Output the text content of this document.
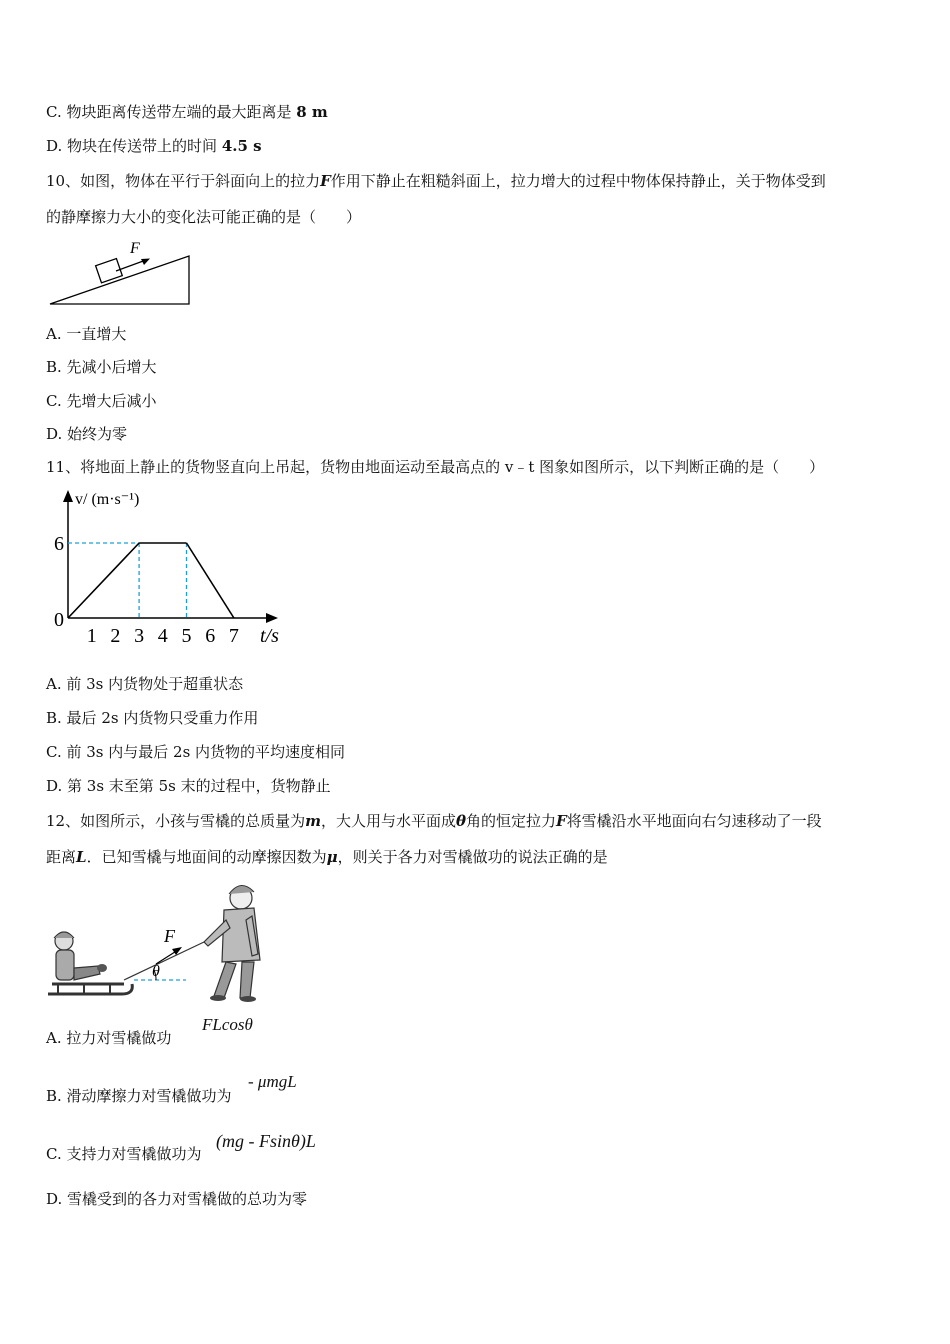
C. 物块距离传送带左端的最大距离是 8 m
D. 物块在传送带上的时间 4.5 s
10、如图，物体在平行于斜面向上的拉力F作用下静止在粗糙斜面上，拉力增大的过程中物体保持静止，关于物体受到
的静摩擦力大小的变化法可能正确的是（　　）
F
A. 一直增大
B. 先减小后增大
C. 先增大后减小
D. 始终为零
11、将地面上静止的货物竖直向上吊起，货物由地面运动至最高点的 v﹣t 图象如图所示，以下判断正确的是（　　）
v/ (m·s⁻¹)
t/s
1 2 3 4 5 6 7
0
6
A. 前 3s 内货物处于超重状态
B. 最后 2s 内货物只受重力作用
C. 前 3s 内与最后 2s 内货物的平均速度相同
D. 第 3s 末至第 5s 末的过程中，货物静止
12、如图所示，小孩与雪橇的总质量为m，大人用与水平面成θ角的恒定拉力F将雪橇沿水平地面向右匀速移动了一段
距离L．已知雪橇与地面间的动摩擦因数为μ，则关于各力对雪橇做功的说法正确的是
F
θ
A. 拉力对雪橇做功
FLcosθ
B. 滑动摩擦力对雪橇做功为
- μmgL
C. 支持力对雪橇做功为
(mg - Fsinθ)L
D. 雪橇受到的各力对雪橇做的总功为零
